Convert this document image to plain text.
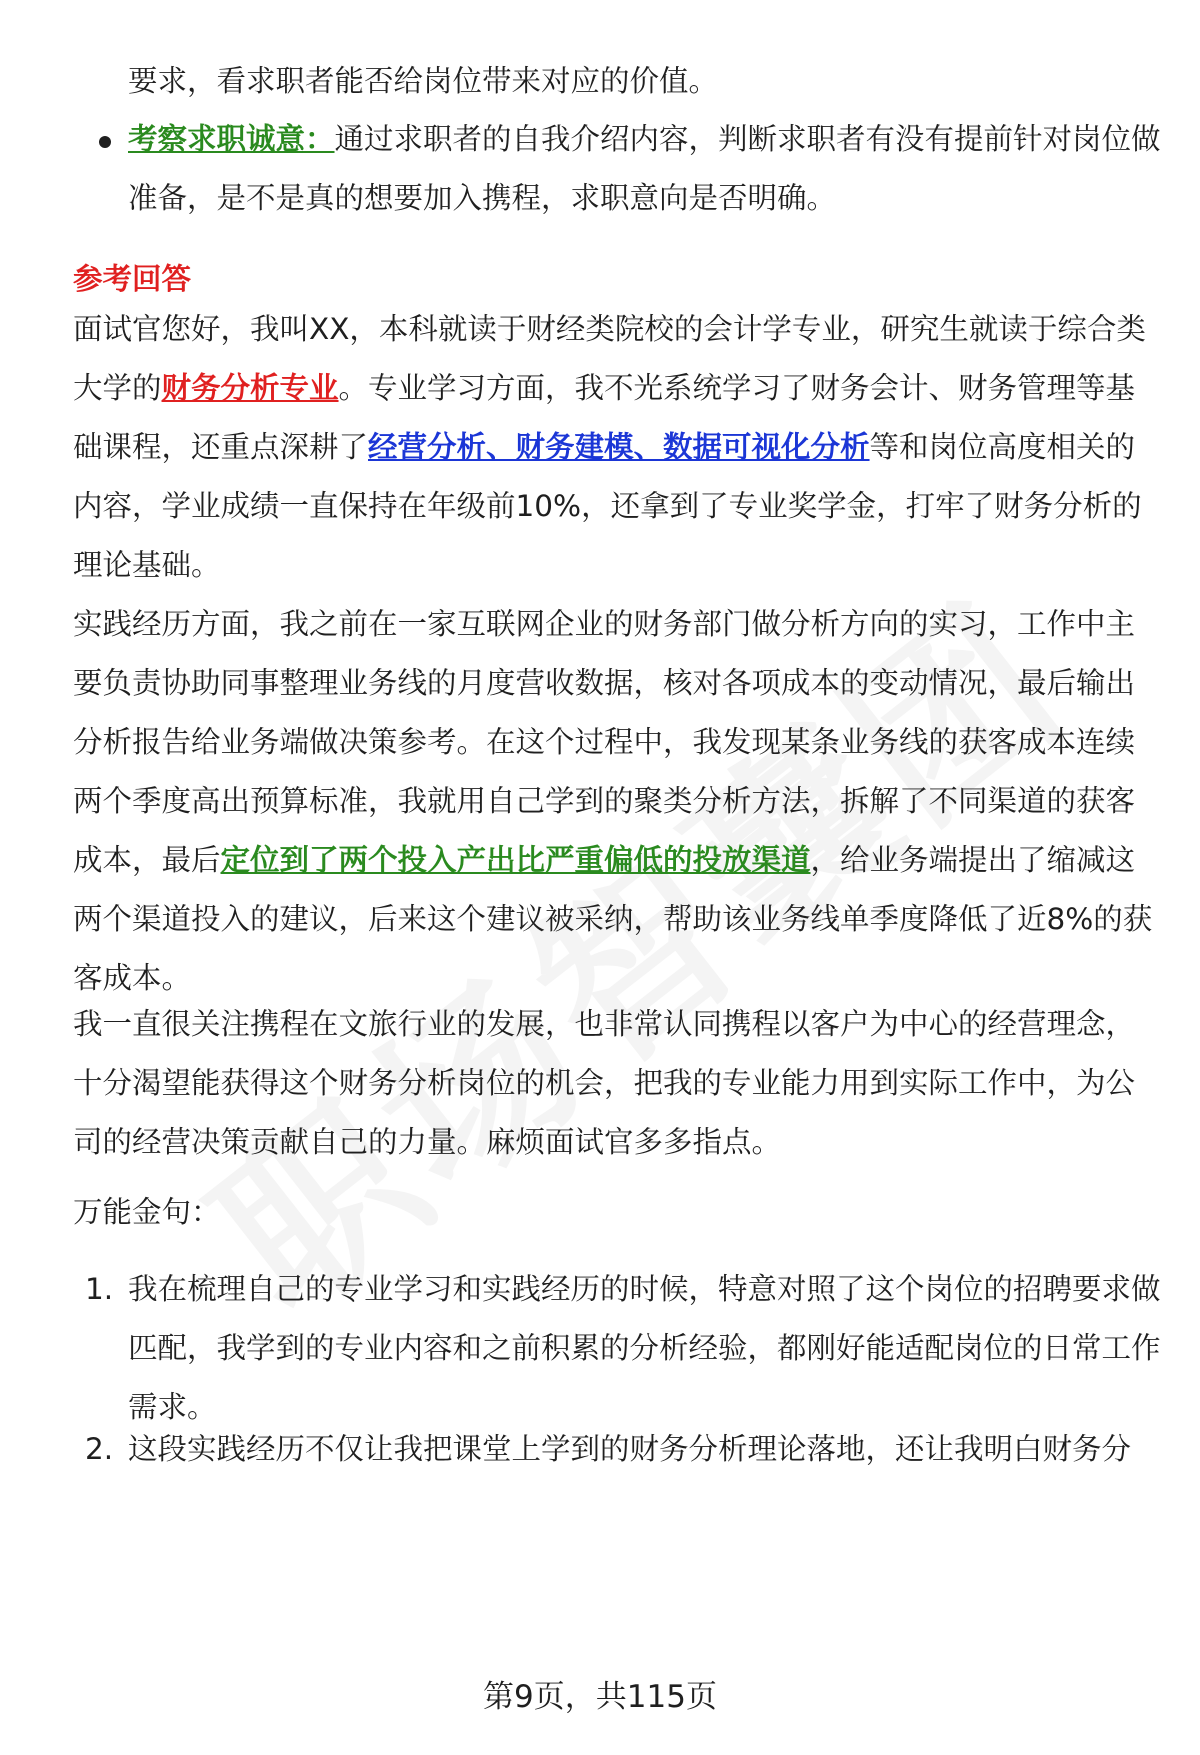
要求，看求职者能否给岗位带来对应的价值。
考察求职诚意：通过求职者的自我介绍内容，判断求职者有没有提前针对岗位做准备，是不是真的想要加入携程，求职意向是否明确。
参考回答
面试官您好，我叫XX，本科就读于财经类院校的会计学专业，研究生就读于综合类大学的财务分析专业。专业学习方面，我不光系统学习了财务会计、财务管理等基础课程，还重点深耕了经营分析、财务建模、数据可视化分析等和岗位高度相关的内容，学业成绩一直保持在年级前10%，还拿到了专业奖学金，打牢了财务分析的理论基础。
实践经历方面，我之前在一家互联网企业的财务部门做分析方向的实习，工作中主要负责协助同事整理业务线的月度营收数据，核对各项成本的变动情况，最后输出分析报告给业务端做决策参考。在这个过程中，我发现某条业务线的获客成本连续两个季度高出预算标准，我就用自己学到的聚类分析方法，拆解了不同渠道的获客成本，最后定位到了两个投入产出比严重偏低的投放渠道，给业务端提出了缩减这两个渠道投入的建议，后来这个建议被采纳，帮助该业务线单季度降低了近8%的获客成本。
我一直很关注携程在文旅行业的发展，也非常认同携程以客户为中心的经营理念，十分渴望能获得这个财务分析岗位的机会，把我的专业能力用到实际工作中，为公司的经营决策贡献自己的力量。麻烦面试官多多指点。
万能金句：
1. 我在梳理自己的专业学习和实践经历的时候，特意对照了这个岗位的招聘要求做匹配，我学到的专业内容和之前积累的分析经验，都刚好能适配岗位的日常工作需求。
2. 这段实践经历不仅让我把课堂上学到的财务分析理论落地，还让我明白财务分
第9页，共115页
